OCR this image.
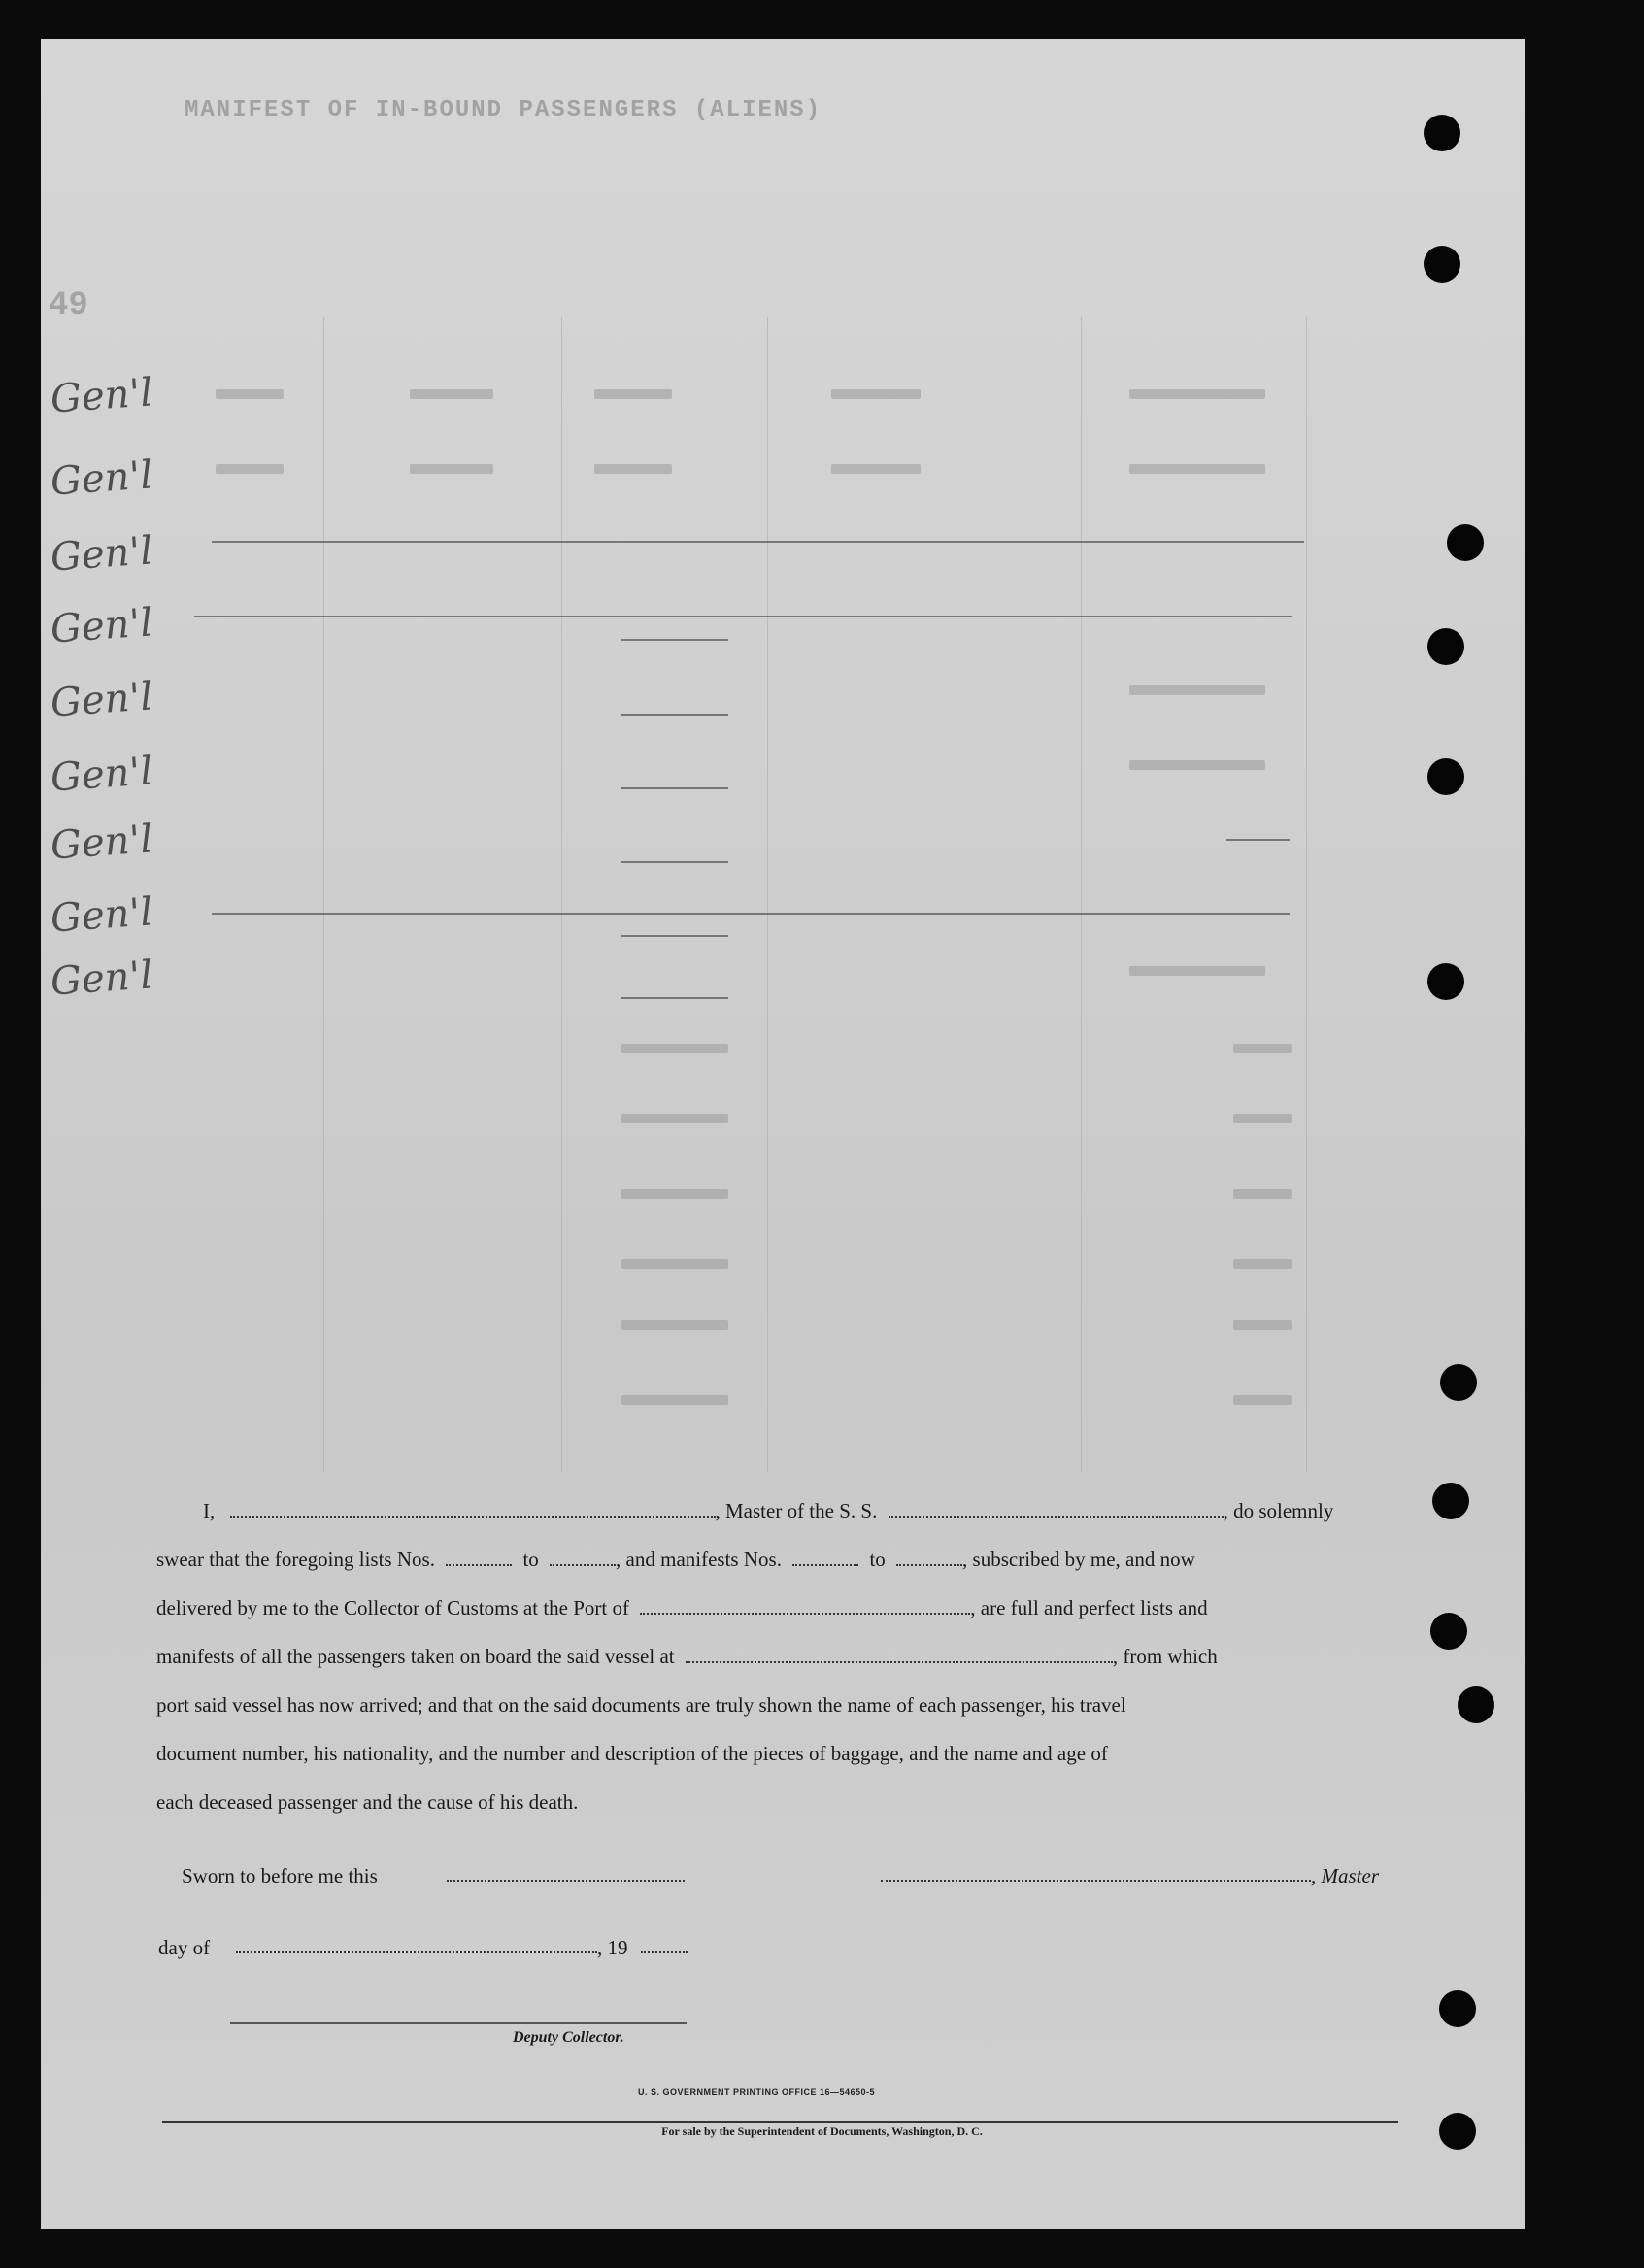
MANIFEST OF IN-BOUND PASSENGERS (ALIENS)
49
Gen'l
Gen'l
Gen'l
Gen'l
Gen'l
Gen'l
Gen'l
Gen'l
Gen'l
I,	, Master of the S. S.	, do solemnly
swear that the foregoing lists Nos.	to	, and manifests Nos.	to	, subscribed by me, and now
delivered by me to the Collector of Customs at the Port of	, are full and perfect lists and
manifests of all the passengers taken on board the said vessel at	, from which
port said vessel has now arrived; and that on the said documents are truly shown the name of each passenger, his travel
document number, his nationality, and the number and description of the pieces of baggage, and the name and age of
each deceased passenger and the cause of his death.
Sworn to before me this	, Master
day of	, 19
Deputy Collector.
U. S. GOVERNMENT PRINTING OFFICE 16—54650-5
For sale by the Superintendent of Documents, Washington, D. C.
